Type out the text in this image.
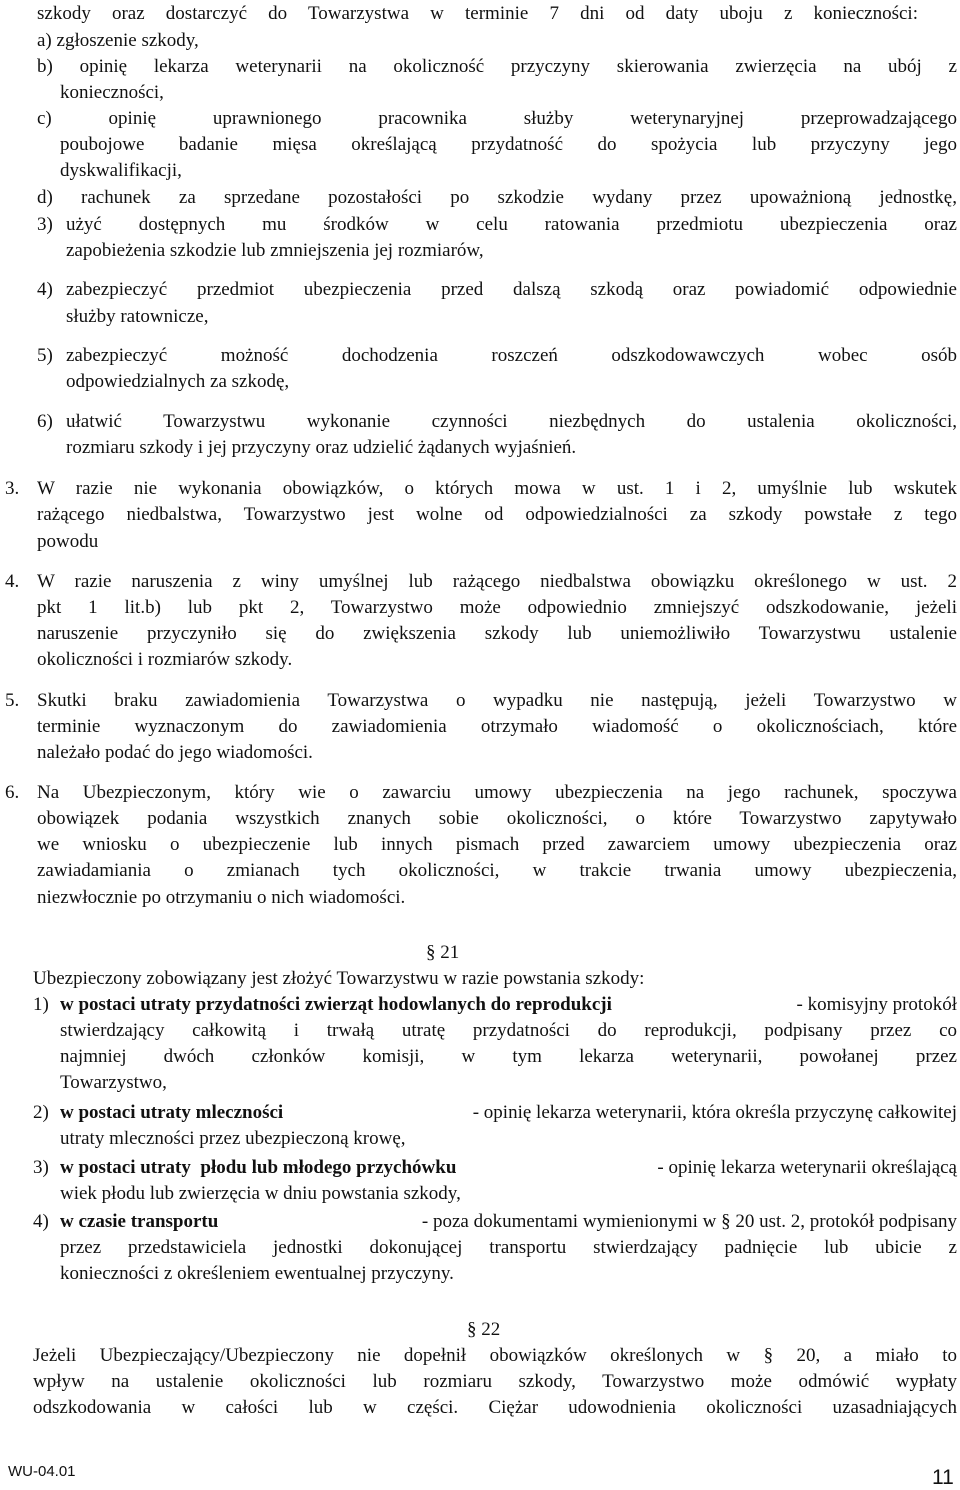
szkody oraz dostarczyć do Towarzystwa w terminie 7 dni od daty uboju z konieczności:
a) zgłoszenie szkody,
b) opinię lekarza weterynarii na okoliczność przyczyny skierowania zwierzęcia na ubój z
konieczności,
c) opinię uprawnionego pracownika służby weterynaryjnej przeprowadzającego
poubojowe badanie mięsa określającą przydatność do spożycia lub przyczyny jego
dyskwalifikacji,
d) rachunek za sprzedane pozostałości po szkodzie wydany przez upoważnioną jednostkę,
3) użyć dostępnych mu środków w celu ratowania przedmiotu ubezpieczenia oraz
zapobieżenia szkodzie lub zmniejszenia jej rozmiarów,
4) zabezpieczyć przedmiot ubezpieczenia przed dalszą szkodą oraz powiadomić odpowiednie
służby ratownicze,
5) zabezpieczyć możność dochodzenia roszczeń odszkodowawczych wobec osób
odpowiedzialnych za szkodę,
6) ułatwić Towarzystwu wykonanie czynności niezbędnych do ustalenia okoliczności,
rozmiaru szkody i jej przyczyny oraz udzielić żądanych wyjaśnień.
3. W razie nie wykonania obowiązków, o których mowa w ust. 1 i 2, umyślnie lub wskutek
rażącego niedbalstwa, Towarzystwo jest wolne od odpowiedzialności za szkody powstałe z tego
powodu
4. W razie naruszenia z winy umyślnej lub rażącego niedbalstwa obowiązku określonego w ust. 2
pkt 1 lit.b) lub pkt 2, Towarzystwo może odpowiednio zmniejszyć odszkodowanie, jeżeli
naruszenie przyczyniło się do zwiększenia szkody lub uniemożliwiło Towarzystwu ustalenie
okoliczności i rozmiarów szkody.
5. Skutki braku zawiadomienia Towarzystwa o wypadku nie następują, jeżeli Towarzystwo w
terminie wyznaczonym do zawiadomienia otrzymało wiadomość o okolicznościach, które
należało podać do jego wiadomości.
6. Na Ubezpieczonym, który wie o zawarciu umowy ubezpieczenia na jego rachunek, spoczywa
obowiązek podania wszystkich znanych sobie okoliczności, o które Towarzystwo zapytywało
we wniosku o ubezpieczenie lub innych pismach przed zawarciem umowy ubezpieczenia oraz
zawiadamiania o zmianach tych okoliczności, w trakcie trwania umowy ubezpieczenia,
niezwłocznie po otrzymaniu o nich wiadomości.
§ 21
Ubezpieczony zobowiązany jest złożyć Towarzystwu w razie powstania szkody:
1) w postaci utraty przydatności zwierząt hodowlanych do reprodukcji	- komisyjny protokół
stwierdzający całkowitą i trwałą utratę przydatności do reprodukcji, podpisany przez co
najmniej dwóch członków komisji, w tym lekarza weterynarii, powołanej przez
Towarzystwo,
2) w postaci utraty mleczności	- opinię lekarza weterynarii, która określa przyczynę całkowitej
utraty mleczności przez ubezpieczoną krowę,
3) w postaci utraty  płodu lub młodego przychówku	- opinię lekarza weterynarii określającą
wiek płodu lub zwierzęcia w dniu powstania szkody,
4) w czasie transportu	- poza dokumentami wymienionymi w § 20 ust. 2, protokół podpisany
przez przedstawiciela jednostki dokonującej transportu stwierdzający padnięcie lub ubicie z
konieczności z określeniem ewentualnej przyczyny.
§ 22
Jeżeli Ubezpieczający/Ubezpieczony nie dopełnił obowiązków określonych w § 20, a miało to
wpływ na ustalenie okoliczności lub rozmiaru szkody, Towarzystwo może odmówić wypłaty
odszkodowania w całości lub w części. Ciężar udowodnienia okoliczności uzasadniających
WU-04.01	11
